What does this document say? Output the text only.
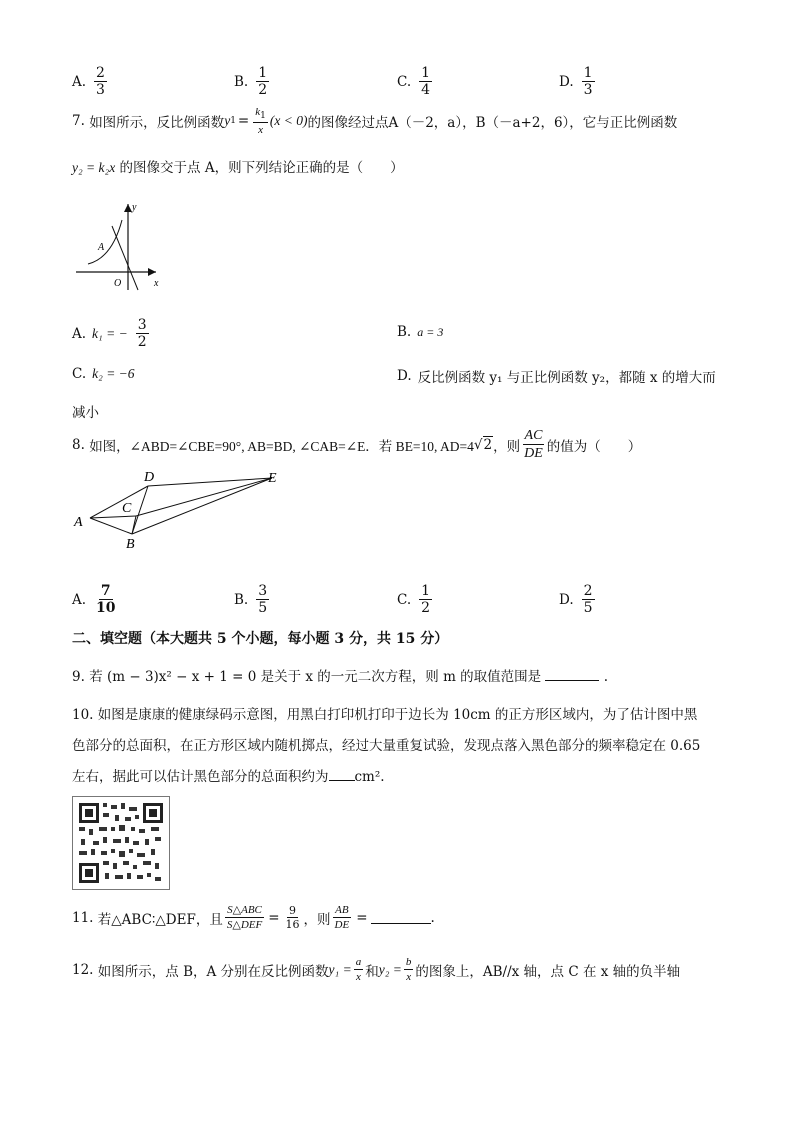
A. $\frac{2}{3}$	B. $\frac{1}{2}$	C. $\frac{1}{4}$	D. $\frac{1}{3}$
7.
如图所示，反比例函数 y $1 = \frac{k_1}{x} (x < 0)$ 的图像经过点 A（－2，a），B（－a+2，6），它与正比例函数
y₂ = k₂x 的图像交于点 A，则下列结论正确的是（　　）
y
A
O	x
A. k₁ = − $\frac{3}{2}$	B. a = 3
C. k₂ = −6	D. 反比例函数 y₁ 与正比例函数 y₂，都随 x 的增大而
减小
8.
如图，∠ABD=∠CBE=90°, AB=BD, ∠CAB=∠E．若 BE=10, AD=4 √ 2 ，则 $\frac{AC}{DE}$ 的值为（　　）
D	E
C
A
B
A. $\frac{7}{10}$	B. $\frac{3}{5}$	C. $\frac{1}{2}$	D. $\frac{2}{5}$
二、填空题（本大题共 5 个小题，每小题 3 分，共 15 分）
9. 若 (m − 3)x² − x + 1 = 0 是关于 x 的一元二次方程，则 m 的取值范围是	.
10. 如图是康康的健康绿码示意图，用黑白打印机打印于边长为 10cm 的正方形区域内，为了估计图中黑
色部分的总面积，在正方形区域内随机掷点，经过大量重复试验，发现点落入黑色部分的频率稳定在 0.65
左右，据此可以估计黑色部分的总面积约为 cm².
11.
若△ABC∶△DEF，且 $\frac{\text{S△ABC}}{\text{S△DEF}} = \frac{9}{16}$ ，则 $\frac{AB}{DE}$ =	.
12.
如图所示，点 B，A 分别在反比例函数 $y_1 = \frac{a}{x}$ 和 $y_2 = \frac{b}{x}$ 的图象上，AB//x 轴，点 C 在 x 轴的负半轴
